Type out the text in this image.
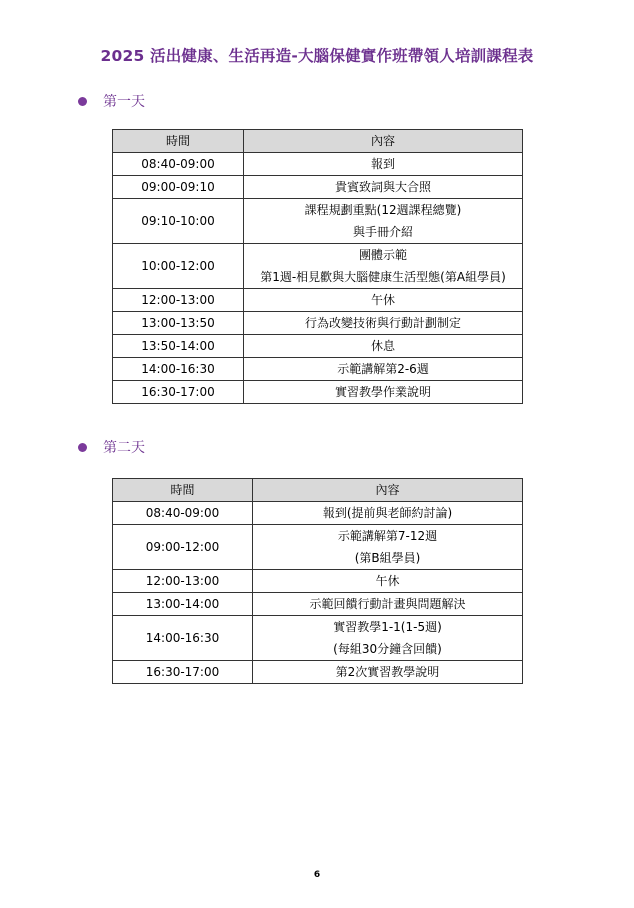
2025 活出健康、生活再造-大腦保健實作班帶領人培訓課程表
第一天
時間	內容
08:40-09:00	報到
09:00-09:10	貴賓致詞與大合照
09:10-10:00	課程規劃重點(12週課程總覽)
與手冊介紹
10:00-12:00	團體示範
第1週-相見歡與大腦健康生活型態(第A組學員)
12:00-13:00	午休
13:00-13:50	行為改變技術與行動計劃制定
13:50-14:00	休息
14:00-16:30	示範講解第2-6週
16:30-17:00	實習教學作業說明
第二天
時間	內容
08:40-09:00	報到(提前與老師約討論)
09:00-12:00	示範講解第7-12週
(第B組學員)
12:00-13:00	午休
13:00-14:00	示範回饋行動計畫與問題解決
14:00-16:30	實習教學1-1(1-5週)
(每組30分鐘含回饋)
16:30-17:00	第2次實習教學說明
6
